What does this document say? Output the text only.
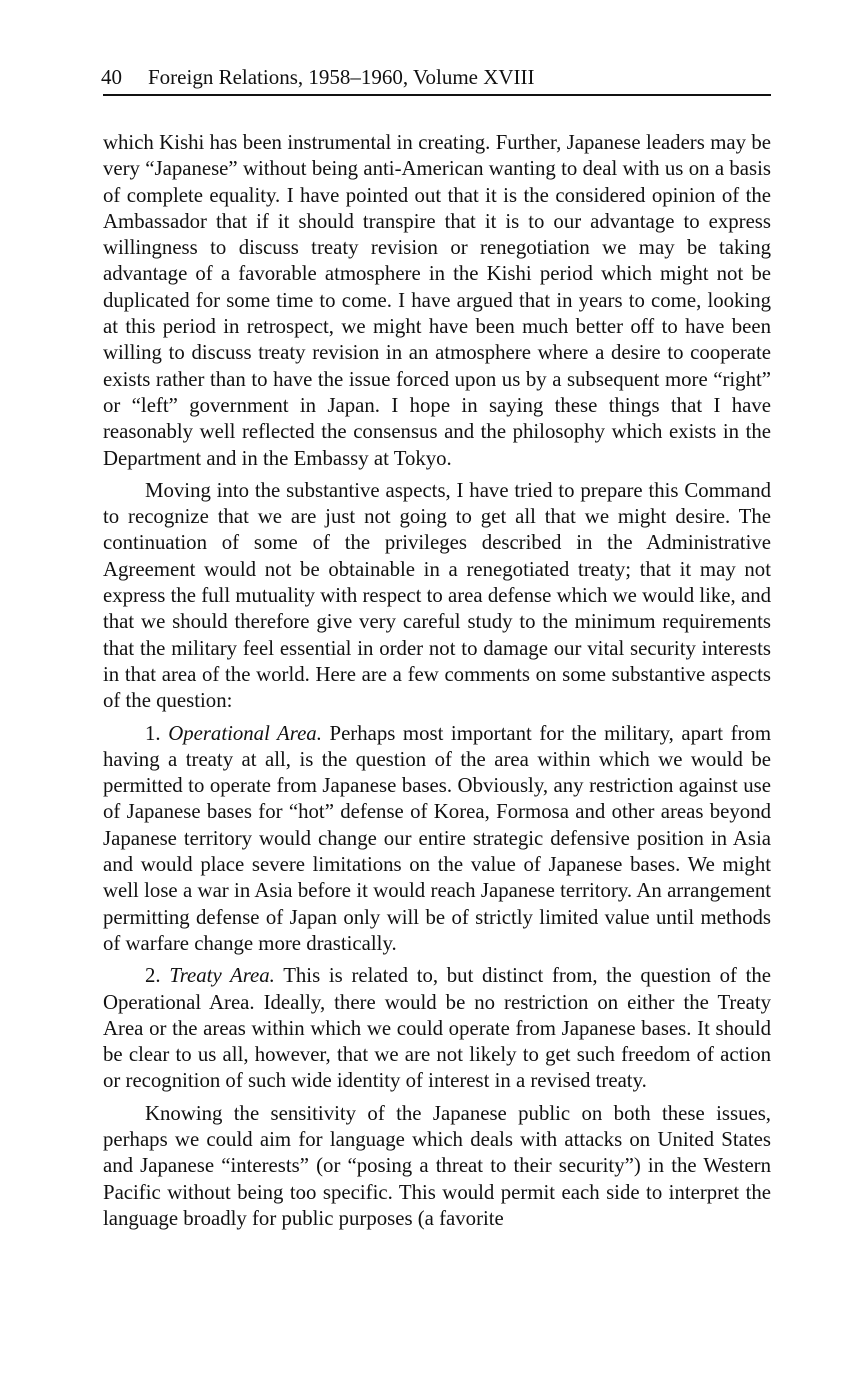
40 Foreign Relations, 1958–1960, Volume XVIII

which Kishi has been instrumental in creating. Further, Japanese leaders may be very “Japanese” without being anti-American wanting to deal with us on a basis of complete equality. I have pointed out that it is the considered opinion of the Ambassador that if it should transpire that it is to our advantage to express willingness to discuss treaty revision or renegotiation we may be taking advantage of a favorable atmosphere in the Kishi period which might not be duplicated for some time to come. I have argued that in years to come, looking at this period in retrospect, we might have been much better off to have been willing to discuss treaty revision in an atmosphere where a desire to cooperate exists rather than to have the issue forced upon us by a subsequent more “right” or “left” government in Japan. I hope in saying these things that I have reasonably well reflected the consensus and the philosophy which exists in the Department and in the Embassy at Tokyo.

Moving into the substantive aspects, I have tried to prepare this Command to recognize that we are just not going to get all that we might desire. The continuation of some of the privileges described in the Administrative Agreement would not be obtainable in a renegotiated treaty; that it may not express the full mutuality with respect to area defense which we would like, and that we should therefore give very careful study to the minimum requirements that the military feel essential in order not to damage our vital security interests in that area of the world. Here are a few comments on some substantive aspects of the question:

1. Operational Area. Perhaps most important for the military, apart from having a treaty at all, is the question of the area within which we would be permitted to operate from Japanese bases. Obviously, any restriction against use of Japanese bases for “hot” defense of Korea, Formosa and other areas beyond Japanese territory would change our entire strategic defensive position in Asia and would place severe limitations on the value of Japanese bases. We might well lose a war in Asia before it would reach Japanese territory. An arrangement permitting defense of Japan only will be of strictly limited value until methods of warfare change more drastically.

2. Treaty Area. This is related to, but distinct from, the question of the Operational Area. Ideally, there would be no restriction on either the Treaty Area or the areas within which we could operate from Japanese bases. It should be clear to us all, however, that we are not likely to get such freedom of action or recognition of such wide identity of interest in a revised treaty.

Knowing the sensitivity of the Japanese public on both these issues, perhaps we could aim for language which deals with attacks on United States and Japanese “interests” (or “posing a threat to their security”) in the Western Pacific without being too specific. This would permit each side to interpret the language broadly for public purposes (a favorite
